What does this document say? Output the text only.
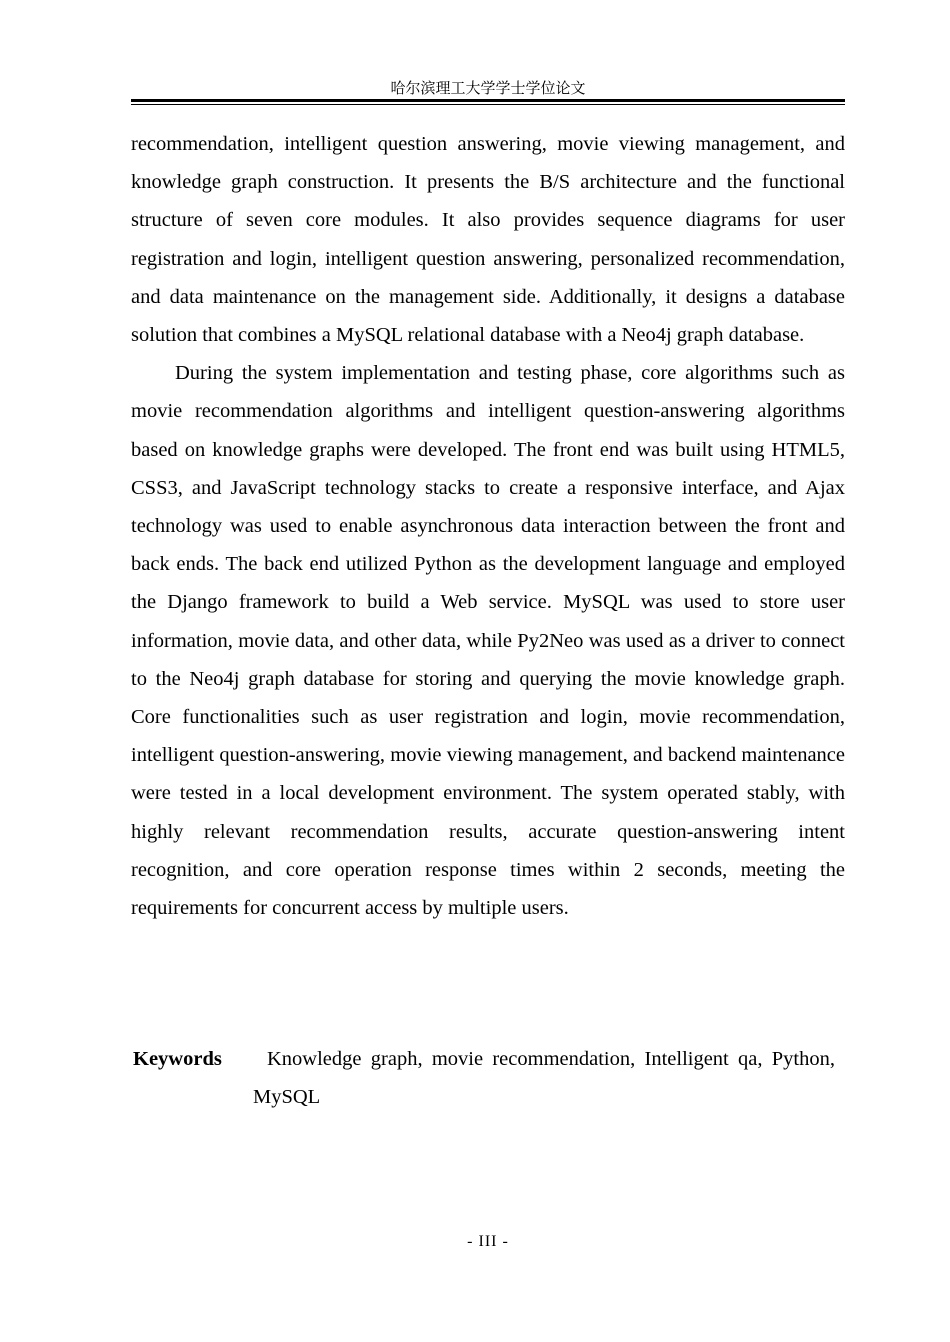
哈尔滨理工大学学士学位论文

recommendation, intelligent question answering, movie viewing management, and knowledge graph construction. It presents the B/S architecture and the functional structure of seven core modules. It also provides sequence diagrams for user registration and login, intelligent question answering, personalized recommendation, and data maintenance on the management side. Additionally, it designs a database solution that combines a MySQL relational database with a Neo4j graph database.

During the system implementation and testing phase, core algorithms such as movie recommendation algorithms and intelligent question-answering algorithms based on knowledge graphs were developed. The front end was built using HTML5, CSS3, and JavaScript technology stacks to create a responsive interface, and Ajax technology was used to enable asynchronous data interaction between the front and back ends. The back end utilized Python as the development language and employed the Django framework to build a Web service. MySQL was used to store user information, movie data, and other data, while Py2Neo was used as a driver to connect to the Neo4j graph database for storing and querying the movie knowledge graph. Core functionalities such as user registration and login, movie recommendation, intelligent question-answering, movie viewing management, and backend maintenance were tested in a local development environment. The system operated stably, with highly relevant recommendation results, accurate question-answering intent recognition, and core operation response times within 2 seconds, meeting the requirements for concurrent access by multiple users.

Keywords	Knowledge graph, movie recommendation, Intelligent qa, Python, MySQL
- III -
